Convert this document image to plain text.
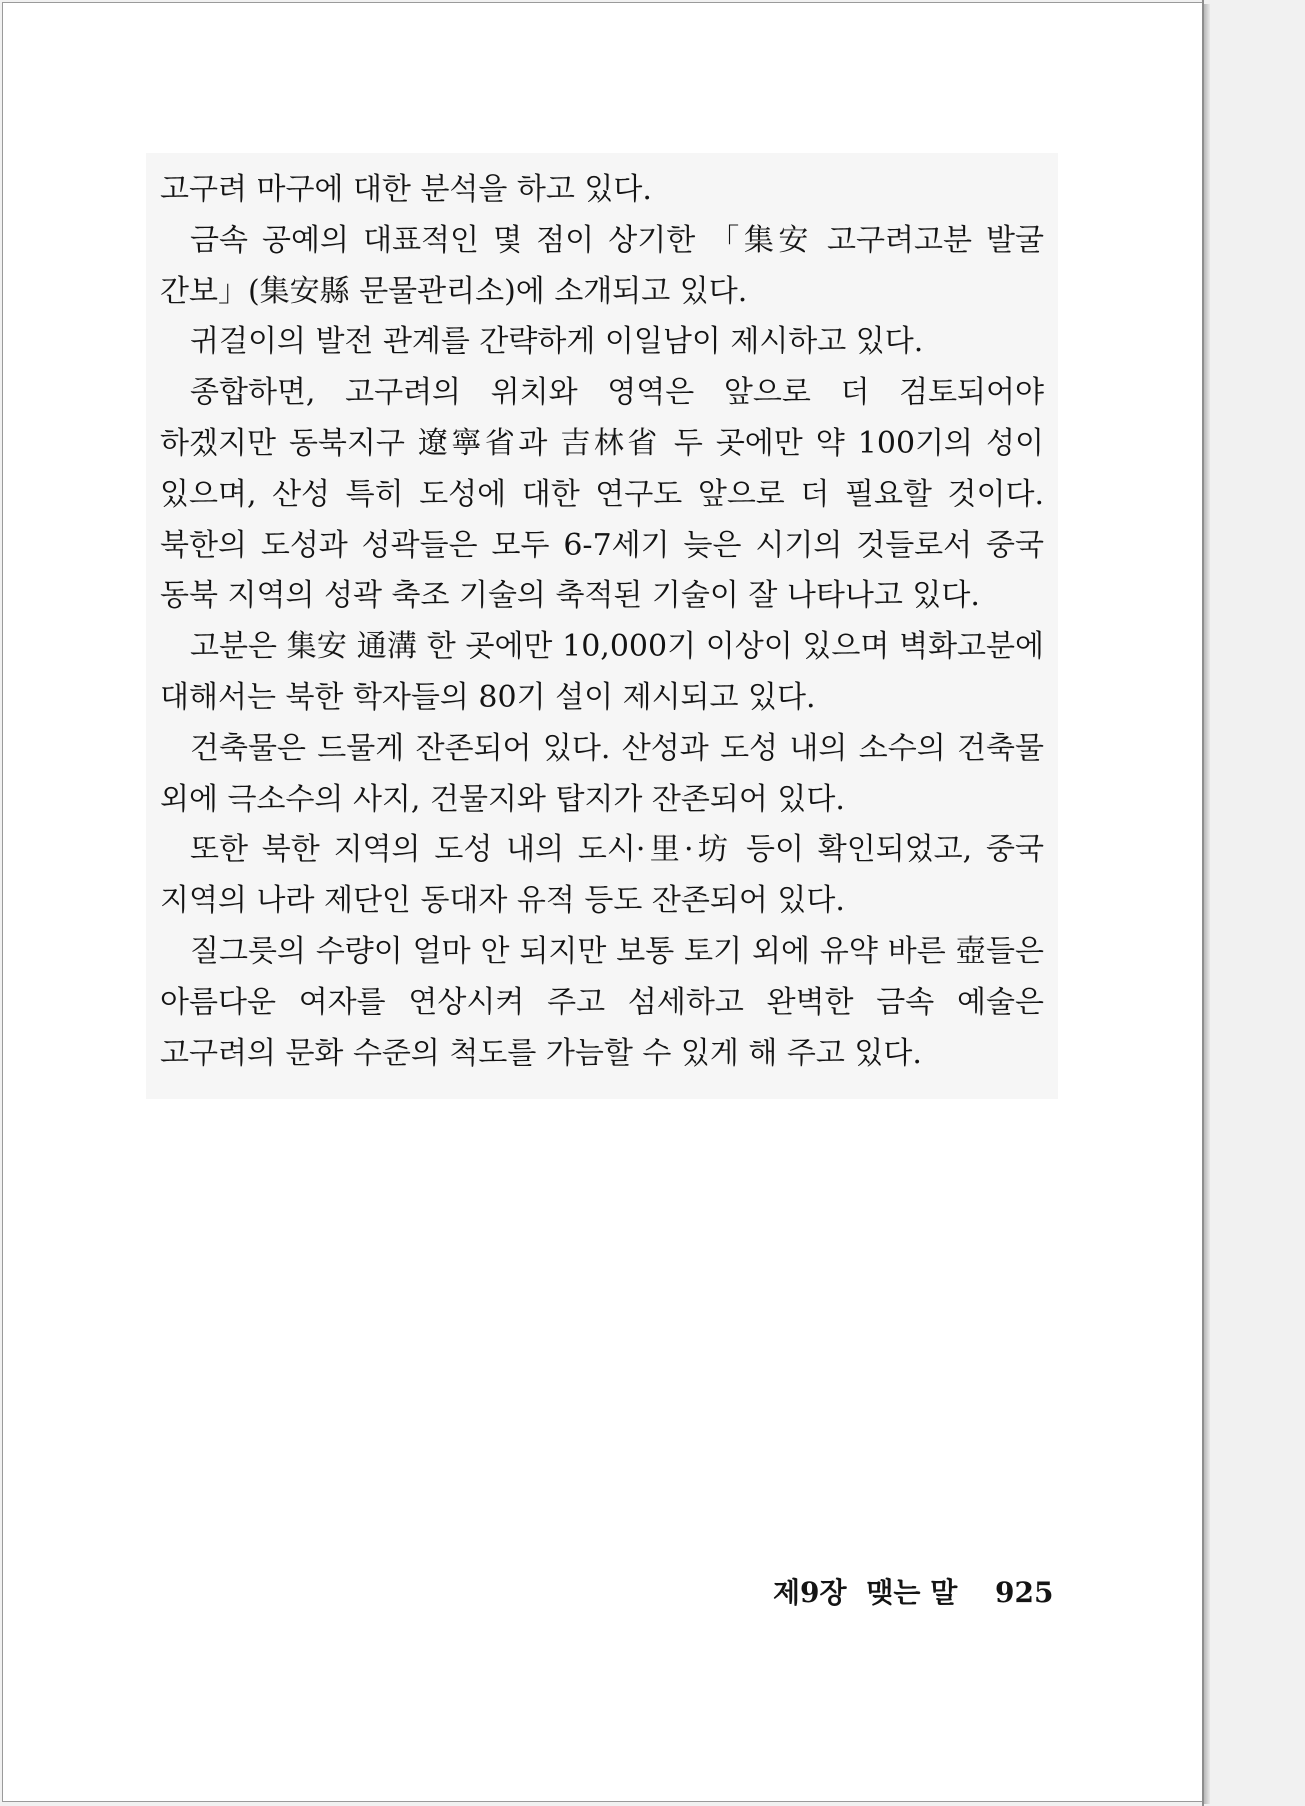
고구려 마구에 대한 분석을 하고 있다.

금속 공예의 대표적인 몇 점이 상기한 「集安 고구려고분 발굴 간보」(集安縣 문물관리소)에 소개되고 있다.

귀걸이의 발전 관계를 간략하게 이일남이 제시하고 있다.

종합하면, 고구려의 위치와 영역은 앞으로 더 검토되어야 하겠지만 동북지구 遼寧省과 吉林省 두 곳에만 약 100기의 성이 있으며, 산성 특히 도성에 대한 연구도 앞으로 더 필요할 것이다. 북한의 도성과 성곽들은 모두 6-7세기 늦은 시기의 것들로서 중국 동북 지역의 성곽 축조 기술의 축적된 기술이 잘 나타나고 있다.

고분은 集安 通溝 한 곳에만 10,000기 이상이 있으며 벽화고분에 대해서는 북한 학자들의 80기 설이 제시되고 있다.

건축물은 드물게 잔존되어 있다. 산성과 도성 내의 소수의 건축물 외에 극소수의 사지, 건물지와 탑지가 잔존되어 있다.

또한 북한 지역의 도성 내의 도시·里·坊 등이 확인되었고, 중국 지역의 나라 제단인 동대자 유적 등도 잔존되어 있다.

질그릇의 수량이 얼마 안 되지만 보통 토기 외에 유약 바른 壺들은 아름다운 여자를 연상시켜 주고 섬세하고 완벽한 금속 예술은 고구려의 문화 수준의 척도를 가늠할 수 있게 해 주고 있다.

제9장 맺는 말 925
